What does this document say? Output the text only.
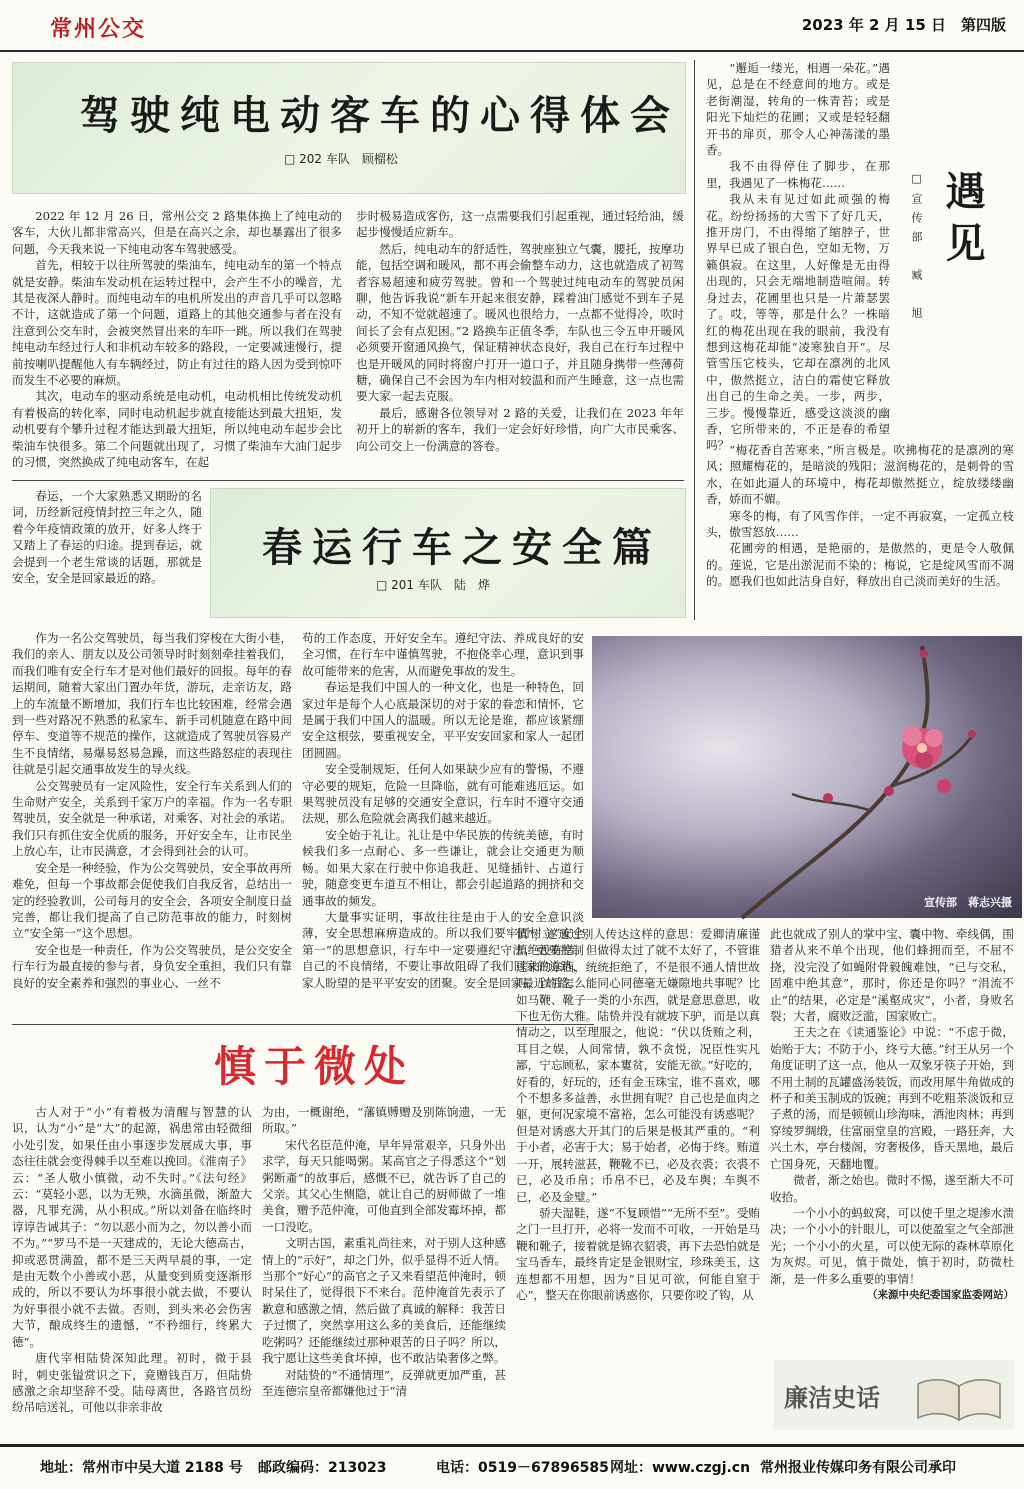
常州公交	2023 年 2 月 15 日　第四版
驾驶纯电动客车的心得体会
□ 202 车队　顾榴松

2022 年 12 月 26 日，常州公交 2 路集体换上了纯电动的客车，大伙儿都非常高兴，但是在高兴之余，却也暴露出了很多问题，今天我来说一下纯电动客车驾驶感受。

首先，相较于以往所驾驶的柴油车，纯电动车的第一个特点就是安静。柴油车发动机在运转过程中，会产生不小的噪音，尤其是夜深人静时。而纯电动车的电机所发出的声音几乎可以忽略不计，这就造成了第一个问题，道路上的其他交通参与者在没有注意到公交车时，会被突然冒出来的车吓一跳。所以我们在驾驶纯电动车经过行人和非机动车较多的路段，一定要减速慢行，提前按喇叭提醒他人有车辆经过，防止有过往的路人因为受到惊吓而发生不必要的麻烦。

其次，电动车的驱动系统是电动机，电动机相比传统发动机有着极高的转化率，同时电动机起步就直接能达到最大扭矩，发动机要有个攀升过程才能达到最大扭矩，所以纯电动车起步会比柴油车快很多。第二个问题就出现了，习惯了柴油车大油门起步的习惯，突然换成了纯电动客车，在起

步时极易造成客伤，这一点需要我们引起重视，通过轻给油，缓起步慢慢适应新车。

然后，纯电动车的舒适性，驾驶座独立气囊，腰托，按摩功能，包括空调和暖风，都不再会偷整车动力，这也就造成了初驾者容易超速和疲劳驾驶。曾和一个驾驶过纯电动车的驾驶员闲聊，他告诉我说“新车开起来很安静，踩着油门感觉不到车子晃动，不知不觉就超速了。暖风也很给力，一点都不觉得冷，吹时间长了会有点犯困。”2 路换车正值冬季，车队也三令五申开暖风必须要开窗通风换气，保证精神状态良好，我自己在行车过程中也是开暖风的同时将窗户打开一道口子，并且随身携带一些薄荷糖，确保自己不会因为车内相对较温和而产生睡意，这一点也需要大家一起去克服。

最后，感谢各位领导对 2 路的关爱，让我们在 2023 年年初开上的崭新的客车，我们一定会好好珍惜，向广大市民乘客、向公司交上一份满意的答卷。

遇见
□宣传部　臧　旭

“邂逅一缕光，相遇一朵花。”遇见，总是在不经意间的地方。或是老街潮湿，转角的一株青苔；或是阳光下灿烂的花圃；又或是轻轻翻开书的扉页，那令人心神荡漾的墨香。

我不由得停住了脚步，在那里，我遇见了一株梅花……

我从未有见过如此顽强的梅花。纷纷扬扬的大雪下了好几天，推开房门，不由得缩了缩脖子，世界早已成了银白色，空如无物，万籁俱寂。在这里，人好像是无由得出现的，只会无端地制造喧闹。转身过去，花圃里也只是一片萧瑟罢了。哎，等等，那是什么？一株暗红的梅花出现在我的眼前，我没有想到这梅花却能“凌寒独自开”。尽管雪压它枝头，它却在凛冽的北风中，傲然挺立，洁白的霜使它释放出自己的生命之美。一步，两步，三步。慢慢靠近，感受这淡淡的幽香，它所带来的，不正是春的希望吗？ “梅花香自苦寒来，”所言极是。吹拂梅花的是凛冽的寒风；照耀梅花的，是暗淡的残阳；滋润梅花的，是刺骨的雪水，在如此逼人的环境中，梅花却傲然挺立，绽放缕缕幽香，娇而不媚。

寒冬的梅，有了风雪作伴，一定不再寂寞，一定孤立枝头，傲雪怒放……

花圃旁的相遇，是艳丽的，是傲然的，更是令人敬佩的。莲说，它是出淤泥而不染的；梅说，它是绽风雪而不凋的。愿我们也如此洁身自好，释放出自己淡而美好的生活。

春运行车之安全篇
□ 201 车队　陆　烨

春运，一个大家熟悉又期盼的名词，历经新冠疫情封控三年之久，随着今年疫情政策的放开，好多人终于又踏上了春运的归途。提到春运，就会提到一个老生常谈的话题，那就是安全，安全是回家最近的路。

作为一名公交驾驶员，每当我们穿梭在大街小巷，我们的亲人、朋友以及公司领导时时刻刻牵挂着我们，而我们唯有安全行车才是对他们最好的回报。每年的春运期间，随着大家出门置办年货，游玩，走亲访友，路上的车流量不断增加，我们行车也比较困难，经常会遇到一些对路况不熟悉的私家车、新手司机随意在路中间停车、变道等不规范的操作，这就造成了驾驶员容易产生不良情绪，易爆易怒易急躁，而这些路怒症的表现往往就是引起交通事故发生的导火线。

公交驾驶员有一定风险性，安全行车关系到人们的生命财产安全，关系到千家万户的幸福。作为一名专职驾驶员，安全就是一种承诺，对乘客、对社会的承诺。我们只有抓住安全优质的服务，开好安全车，让市民坐上放心车，让市民满意，才会得到社会的认可。

安全是一种经验，作为公交驾驶员，安全事故再所难免，但每一个事故都会促使我们自我反省，总结出一定的经验教训，公司每月的安全会，各项安全制度日益完善，都让我们提高了自己防范事故的能力，时刻树立“安全第一”这个思想。

安全也是一种责任，作为公交驾驶员，是公交安全行车行为最直接的参与者，身负安全重担，我们只有靠良好的安全素养和强烈的事业心、一丝不

苟的工作态度，开好安全车。遵纪守法、养成良好的安全习惯，在行车中谨慎驾驶，不抱侥幸心理，意识到事故可能带来的危害，从而避免事故的发生。

春运是我们中国人的一种文化，也是一种特色，回家过年是每个人心底最深切的对于家的眷恋和情怀，它是属于我们中国人的温暖。所以无论是谁，都应该紧绷安全这根弦，要重视安全，平平安安回家和家人一起团团圆圆。

安全受制规矩，任何人如果缺少应有的警惕，不遵守必要的规矩，危险一旦降临，就有可能难逃厄运。如果驾驶员没有足够的交通安全意识，行车时不遵守交通法规，那么危险就会离我们越来越近。

安全始于礼让。礼让是中华民族的传统美德，有时候我们多一点耐心、多一些谦让，就会让交通更为顺畅。如果大家在行驶中你追我赶、见缝插针、占道行驶，随意变更车道互不相让，都会引起道路的拥挤和交通事故的频发。

大量事实证明，事故往往是由于人的安全意识淡薄，安全思想麻痹造成的。所以我们要牢固树立“安全第一”的思想意识，行车中一定要遵纪守法，更要控制自己的不良情绪，不要让事故阻碍了我们回家的道路，家人盼望的是平平安安的团聚。安全是回家最近的路。

宣传部　蒋志兴摄
慎于微处

古人对于“小”有着极为清醒与智慧的认识，认为“小”是“大”的起源，祸患常由轻微细小处引发，如果任由小事逐步发展成大事，事态往往就会变得棘手以至难以挽回。《淮南子》云：“圣人敬小慎微，动不失时。”《法句经》云：“莫轻小恶，以为无殃，水滴虽微，渐盈大器，凡罪充满，从小积成。”所以刘备在临终时谆谆告诫其子：“勿以恶小而为之，勿以善小而不为。”“罗马不是一天建成的，无论大德高古，抑或恶贯满盈，都不是三天两早晨的事，一定是由无数个小善或小恶，从量变到质变逐渐形成的，所以不要认为坏事很小就去做，不要认为好事很小就不去做。否则，到头来必会伤害大节，酿成终生的遗憾，“不矜细行，终累大德”。

唐代宰相陆贽深知此理。初时，微于县时，刺史张镒赏识之下，竟赠钱百万，但陆贽感激之余却坚辞不受。陆母离世，各路官员纷纷吊唁送礼，可他以非亲非故

为由，一概谢绝，“藩镇赙赠及别陈饷遗，一无所取。”

宋代名臣范仲淹，早年异常艰辛，只身外出求学，每天只能喝粥。某高官之子得悉这个“划粥断齑”的故事后，感慨不已，就告诉了自己的父亲。其父心生恻隐，就让自己的厨师做了一堆美食，赠予范仲淹，可他直到全部发霉坏掉，都一口没吃。

文明古国，素重礼尚往来，对于别人这种感情上的“示好”，却之门外，似乎显得不近人情。当那个“好心”的高官之子又来看望范仲淹时，顿时呆住了，觉得很下不来台。范仲淹首先表示了歉意和感激之情，然后做了真诚的解释：我苦日子过惯了，突然享用这么多的美食后，还能继续吃粥吗？还能继续过那种艰苦的日子吗？所以，我宁愿让这些美食坏掉，也不敢沾染奢侈之弊。

对陆贽的“不通情理”，反弹就更加严重，甚至连德宗皇帝都嫌他过于“清

慎”，遂通过别人传达这样的意思：爱卿清廉谨慎绝没有错，但做得太过了就不太好了，不管谁送来的东西，统统拒绝了，不是很不通人情世故吗，以后怎么能同心同德毫无嫌隙地共事呢？比如马鞭、靴子一类的小东西，就是意思意思，收下也无伤大雅。陆贽并没有就坡下驴，而是以真情动之，以至理服之，他说：“伏以货贿之利，耳目之娱，人间常情，孰不贪悦，况臣性实凡鄙，宁忘顾私，家本寠贫，安能无欲。”好吃的，好看的，好玩的，还有金玉珠宝，谁不喜欢，哪个不想多多益善，永世拥有呢？自己也是血肉之躯，更何况家境不富裕，怎么可能没有诱惑呢？但是对诱惑大开其门的后果是极其严重的。“利于小者，必害于大；易于始者，必悔于终。贿道一开，展转滋甚，鞭靴不已，必及衣裘；衣裘不已，必及币帛；币帛不已，必及车舆；车舆不已，必及金璧。”

骄夫湿鞋，遂“不复顾惜”“无所不至”。受贿之门一旦打开，必将一发而不可收，一开始是马鞭和靴子，接着就是锦衣貂裘，再下去恐怕就是宝马香车，最终肯定是金银财宝，珍珠美玉，这连想都不用想，因为“目见可欲，何能自窒于心”，整天在你眼前诱惑你，只要你咬了钩，从

此也就成了别人的掌中宝、囊中物、牵线偶，围猎者从来不单个出现，他们蜂拥而至，不屈不挠，没完没了如蝇附骨毅魄难蚀，“已与交私，固难中绝其意”，那时，你还是你吗？“涓流不止”的结果，必定是“溪壑成灾”，小者，身败名裂；大者，腐败泛滥，国家败亡。

王夫之在《读通鉴论》中说：“不虑于微，始贻于大；不防于小，终亏大德。”纣王从另一个角度证明了这一点，他从一双象牙筷子开始，到不用土制的瓦罐盛汤装饭，而改用犀牛角做成的杯子和美玉制成的饭碗；再到不吃粗茶淡饭和豆子煮的汤，而是顿顿山珍海味，酒池肉林；再到穿绫罗绸缎，住富丽堂皇的宫殿，一路狂奔，大兴土木，亭台楼阁，穷奢极侈，昏天黑地，最后亡国身死，天翻地覆。

微者，渐之始也。微时不惕，遂至渐大不可收拾。

一个小小的蚂蚁窝，可以使千里之堤渗水溃决；一个小小的针眼儿，可以使盈室之气全部泄光；一个小小的火星，可以使无际的森林草原化为灰烬。可见，慎于微处，慎于初时，防微杜渐，是一件多么重要的事情！

（来源中央纪委国家监委网站）

廉洁史话
地址：常州市中吴大道 2188 号 邮政编码：213023	电话：0519－67896585 网址：www.czgj.cn 常州报业传媒印务有限公司承印
